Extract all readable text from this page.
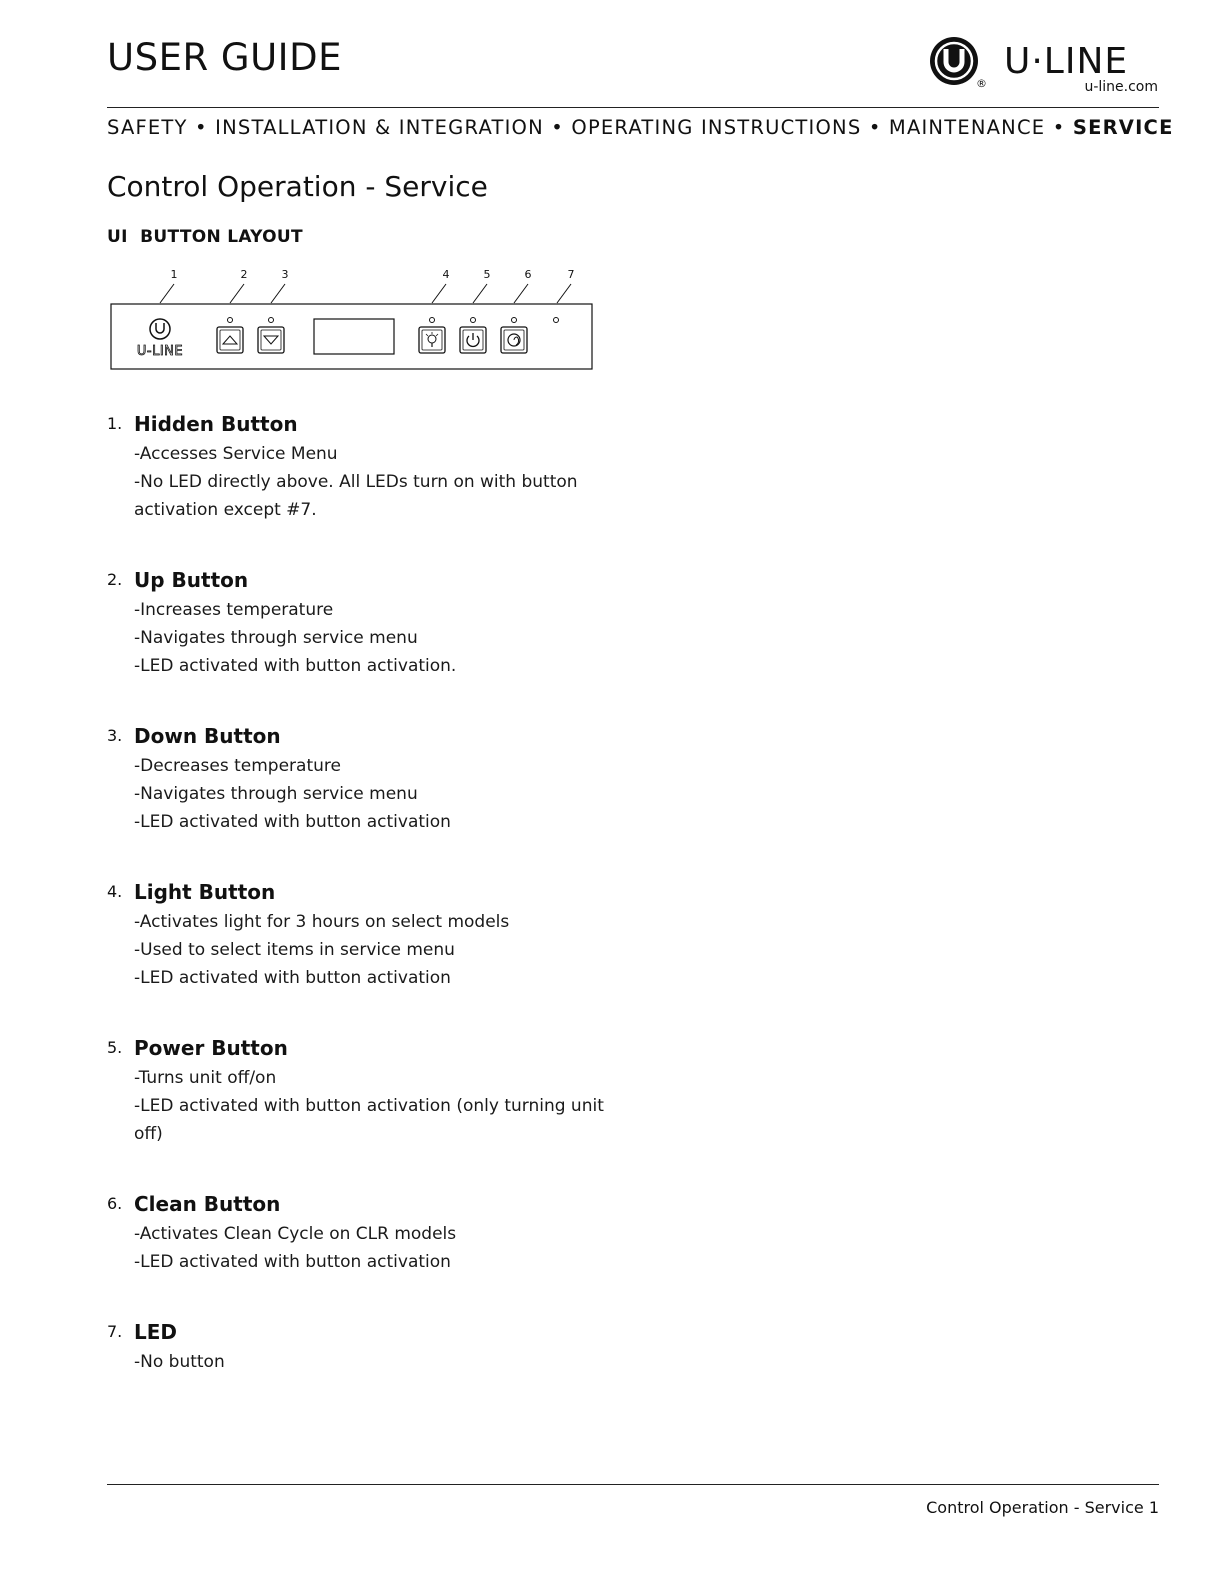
USER GUIDE
®
U·LINE
u-line.com
SAFETY • INSTALLATION & INTEGRATION • OPERATING INSTRUCTIONS • MAINTENANCE • SERVICE
Control Operation - Service
UI  BUTTON LAYOUT
1	2	3	4	5	6	7
U-LINE
1. Hidden Button
-Accesses Service Menu
-No LED directly above. All LEDs turn on with button
activation except #7.
2. Up Button
-Increases temperature
-Navigates through service menu
-LED activated with button activation.
3. Down Button
-Decreases temperature
-Navigates through service menu
-LED activated with button activation
4. Light Button
-Activates light for 3 hours on select models
-Used to select items in service menu
-LED activated with button activation
5. Power Button
-Turns unit off/on
-LED activated with button activation (only turning unit
off)
6. Clean Button
-Activates Clean Cycle on CLR models
-LED activated with button activation
7. LED
-No button
Control Operation - Service 1
